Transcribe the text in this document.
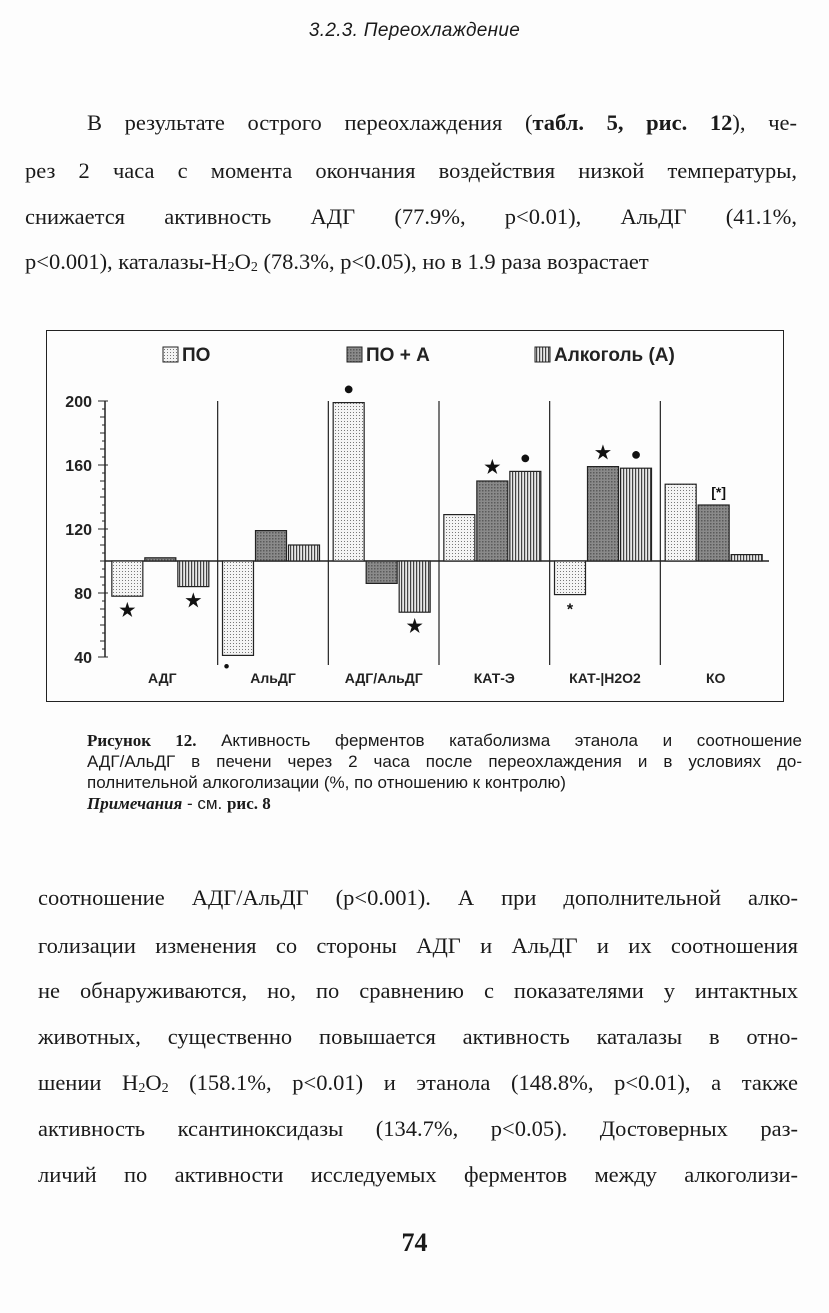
3.2.3. Переохлаждение
В результате острого переохлаждения (табл. 5, рис. 12), че-
рез 2 часа с момента окончания воздействия низкой температуры,
снижается активность АДГ (77.9%, р<0.01), АльДГ (41.1%,
р<0.001), каталазы-$Н_2О_2$ (78.3%, р<0.05), но в 1.9 раза возрастает
ПО	ПО + А	Алкоголь (А)
40
80
120
160
200
★	★
•
●
★
★ ●
*
★ ●
[*]
АДГ	АльДГ	АДГ/АльДГ	КАТ-Э	КАТ-|Н2О2	КО
Рисунок 12. Активность ферментов катаболизма этанола и соотношение
АДГ/АльДГ в печени через 2 часа после переохлаждения и в условиях до-
полнительной алкоголизации (%, по отношению к контролю)
Примечания - см. рис. 8
соотношение АДГ/АльДГ (р<0.001). А при дополнительной алко-
голизации изменения со стороны АДГ и АльДГ и их соотношения
не обнаруживаются, но, по сравнению с показателями у интактных
животных, существенно повышается активность каталазы в отно-
шении $Н_2О_2$ (158.1%, р<0.01) и этанола (148.8%, р<0.01), а также
активность ксантиноксидазы (134.7%, р<0.05). Достоверных раз-
личий по активности исследуемых ферментов между алкоголизи-
74
